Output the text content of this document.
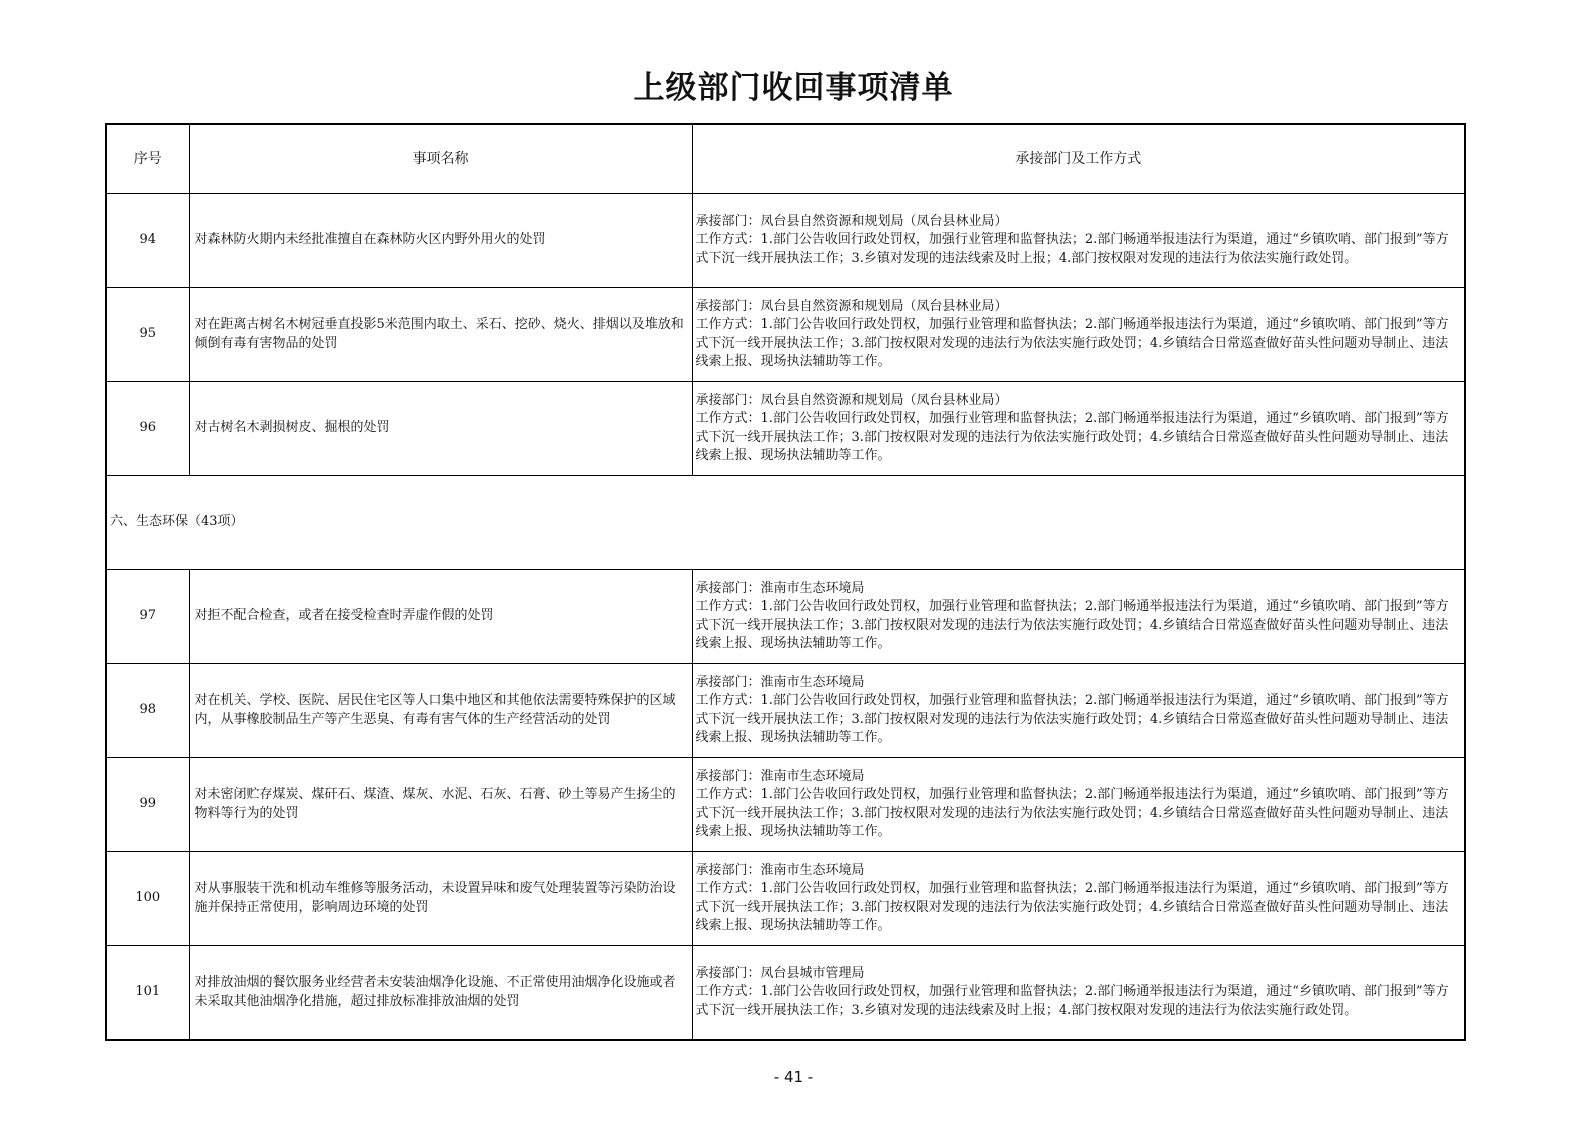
上级部门收回事项清单
序号	事项名称	承接部门及工作方式
94	对森林防火期内未经批准擅自在森林防火区内野外用火的处罚	承接部门：凤台县自然资源和规划局（凤台县林业局）
工作方式：1.部门公告收回行政处罚权，加强行业管理和监督执法；2.部门畅通举报违法行为渠道，通过“乡镇吹哨、部门报到”等方式下沉一线开展执法工作；3.乡镇对发现的违法线索及时上报；4.部门按权限对发现的违法行为依法实施行政处罚。

95	对在距离古树名木树冠垂直投影5米范围内取土、采石、挖砂、烧火、排烟以及堆放和倾倒有毒有害物品的处罚	承接部门：凤台县自然资源和规划局（凤台县林业局）
工作方式：1.部门公告收回行政处罚权，加强行业管理和监督执法；2.部门畅通举报违法行为渠道，通过“乡镇吹哨、部门报到”等方式下沉一线开展执法工作；3.部门按权限对发现的违法行为依法实施行政处罚；4.乡镇结合日常巡查做好苗头性问题劝导制止、违法线索上报、现场执法辅助等工作。

96	对古树名木剥损树皮、掘根的处罚	承接部门：凤台县自然资源和规划局（凤台县林业局）
工作方式：1.部门公告收回行政处罚权，加强行业管理和监督执法；2.部门畅通举报违法行为渠道，通过“乡镇吹哨、部门报到”等方式下沉一线开展执法工作；3.部门按权限对发现的违法行为依法实施行政处罚；4.乡镇结合日常巡查做好苗头性问题劝导制止、违法线索上报、现场执法辅助等工作。

六、生态环保（43项）		
97	对拒不配合检查，或者在接受检查时弄虚作假的处罚	承接部门：淮南市生态环境局
工作方式：1.部门公告收回行政处罚权，加强行业管理和监督执法；2.部门畅通举报违法行为渠道，通过“乡镇吹哨、部门报到”等方式下沉一线开展执法工作；3.部门按权限对发现的违法行为依法实施行政处罚；4.乡镇结合日常巡查做好苗头性问题劝导制止、违法线索上报、现场执法辅助等工作。

98	对在机关、学校、医院、居民住宅区等人口集中地区和其他依法需要特殊保护的区域内，从事橡胶制品生产等产生恶臭、有毒有害气体的生产经营活动的处罚	承接部门：淮南市生态环境局
工作方式：1.部门公告收回行政处罚权，加强行业管理和监督执法；2.部门畅通举报违法行为渠道，通过“乡镇吹哨、部门报到”等方式下沉一线开展执法工作；3.部门按权限对发现的违法行为依法实施行政处罚；4.乡镇结合日常巡查做好苗头性问题劝导制止、违法线索上报、现场执法辅助等工作。

99	对未密闭贮存煤炭、煤矸石、煤渣、煤灰、水泥、石灰、石膏、砂土等易产生扬尘的物料等行为的处罚	承接部门：淮南市生态环境局
工作方式：1.部门公告收回行政处罚权，加强行业管理和监督执法；2.部门畅通举报违法行为渠道，通过“乡镇吹哨、部门报到”等方式下沉一线开展执法工作；3.部门按权限对发现的违法行为依法实施行政处罚；4.乡镇结合日常巡查做好苗头性问题劝导制止、违法线索上报、现场执法辅助等工作。

100	对从事服装干洗和机动车维修等服务活动，未设置异味和废气处理装置等污染防治设施并保持正常使用，影响周边环境的处罚	承接部门：淮南市生态环境局
工作方式：1.部门公告收回行政处罚权，加强行业管理和监督执法；2.部门畅通举报违法行为渠道，通过“乡镇吹哨、部门报到”等方式下沉一线开展执法工作；3.部门按权限对发现的违法行为依法实施行政处罚；4.乡镇结合日常巡查做好苗头性问题劝导制止、违法线索上报、现场执法辅助等工作。

101	对排放油烟的餐饮服务业经营者未安装油烟净化设施、不正常使用油烟净化设施或者未采取其他油烟净化措施，超过排放标准排放油烟的处罚	承接部门：凤台县城市管理局
工作方式：1.部门公告收回行政处罚权，加强行业管理和监督执法；2.部门畅通举报违法行为渠道，通过“乡镇吹哨、部门报到”等方式下沉一线开展执法工作；3.乡镇对发现的违法线索及时上报；4.部门按权限对发现的违法行为依法实施行政处罚。
- 41 -
